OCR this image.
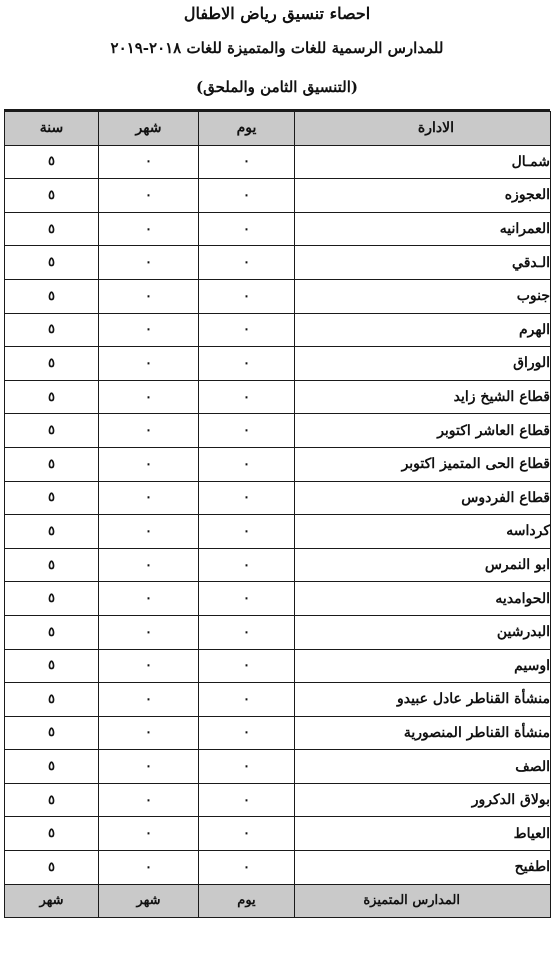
احصاء تنسيق رياض الاطفال
للمدارس الرسمية للغات والمتميزة للغات ٢٠١٨-٢٠١٩
(التنسيق الثامن والملحق)
سنة	شهر	يوم	الادارة
٥	٠	٠	شمـال
٥	٠	٠	العجوزه
٥	٠	٠	العمرانيه
٥	٠	٠	الـدقي
٥	٠	٠	جنوب
٥	٠	٠	الهرم
٥	٠	٠	الوراق
٥	٠	٠	قطاع الشيخ زايد
٥	٠	٠	قطاع العاشر اكتوبر
٥	٠	٠	قطاع الحى المتميز اكتوبر
٥	٠	٠	قطاع الفردوس
٥	٠	٠	كرداسه
٥	٠	٠	ابو النمرس
٥	٠	٠	الحوامديه
٥	٠	٠	البدرشين
٥	٠	٠	اوسيم
٥	٠	٠	منشأة القناطر عادل عبيدو
٥	٠	٠	منشأة القناطر المنصورية
٥	٠	٠	الصف
٥	٠	٠	بولاق الدكرور
٥	٠	٠	العياط
٥	٠	٠	اطفيح
شهر	شهر	يوم	المدارس المتميزة
